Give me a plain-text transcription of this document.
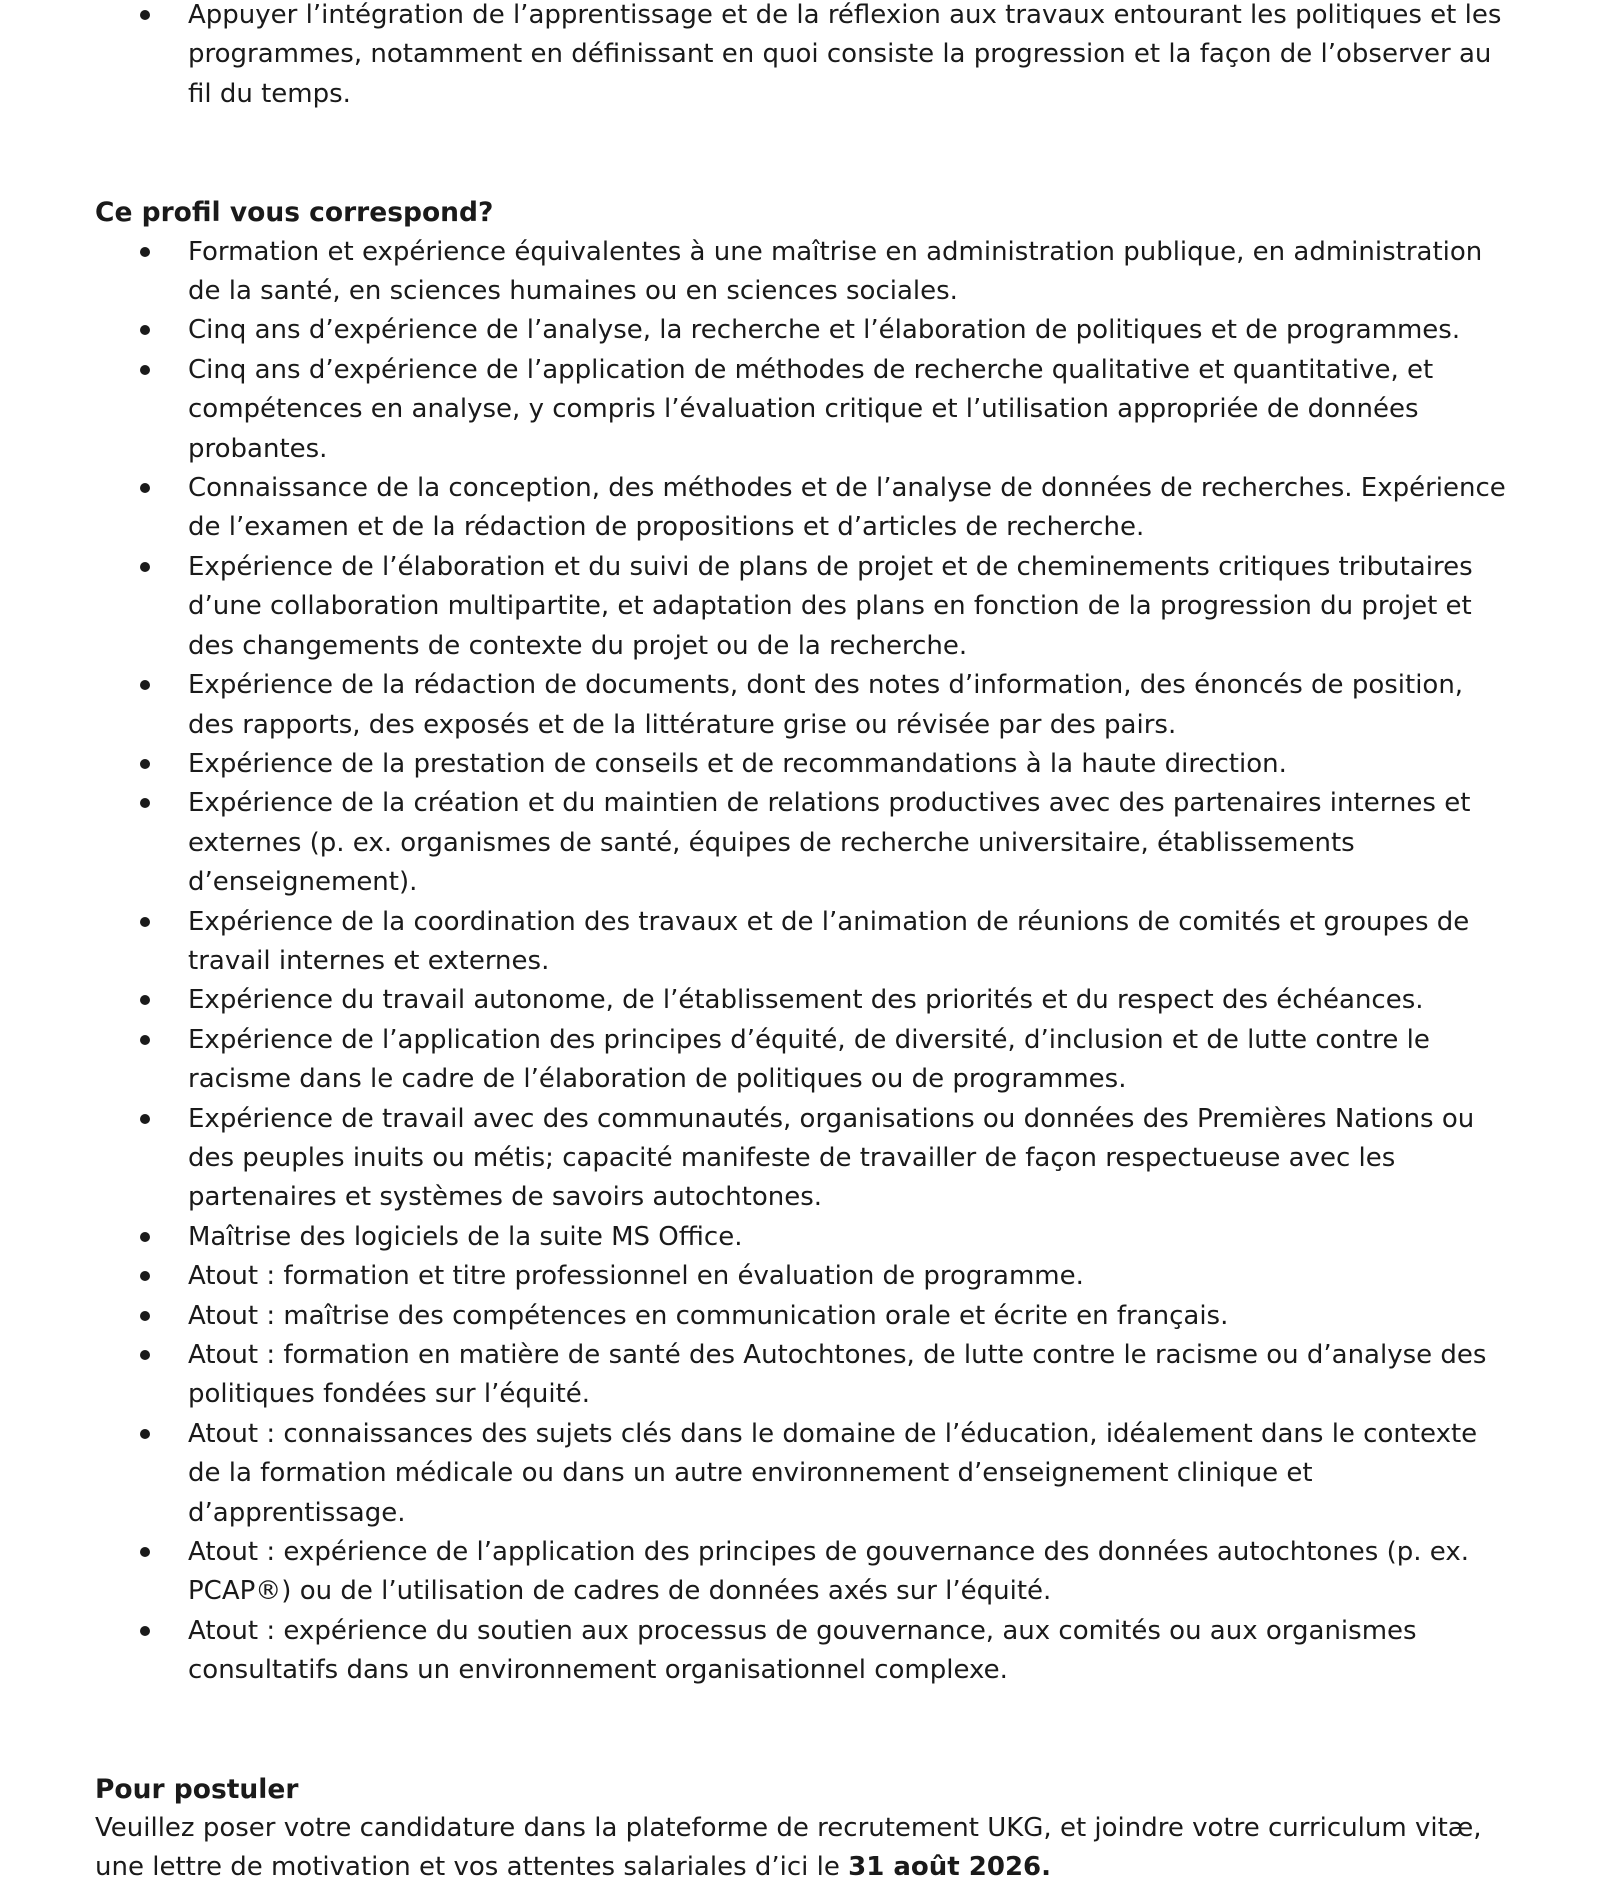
Appuyer l’intégration de l’apprentissage et de la réflexion aux travaux entourant les politiques et les programmes, notamment en définissant en quoi consiste la progression et la façon de l’observer au fil du temps.
Ce profil vous correspond?
Formation et expérience équivalentes à une maîtrise en administration publique, en administration de la santé, en sciences humaines ou en sciences sociales.
Cinq ans d’expérience de l’analyse, la recherche et l’élaboration de politiques et de programmes.
Cinq ans d’expérience de l’application de méthodes de recherche qualitative et quantitative, et compétences en analyse, y compris l’évaluation critique et l’utilisation appropriée de données probantes.
Connaissance de la conception, des méthodes et de l’analyse de données de recherches. Expérience de l’examen et de la rédaction de propositions et d’articles de recherche.
Expérience de l’élaboration et du suivi de plans de projet et de cheminements critiques tributaires d’une collaboration multipartite, et adaptation des plans en fonction de la progression du projet et des changements de contexte du projet ou de la recherche.
Expérience de la rédaction de documents, dont des notes d’information, des énoncés de position, des rapports, des exposés et de la littérature grise ou révisée par des pairs.
Expérience de la prestation de conseils et de recommandations à la haute direction.
Expérience de la création et du maintien de relations productives avec des partenaires internes et externes (p. ex. organismes de santé, équipes de recherche universitaire, établissements d’enseignement).
Expérience de la coordination des travaux et de l’animation de réunions de comités et groupes de travail internes et externes.
Expérience du travail autonome, de l’établissement des priorités et du respect des échéances.
Expérience de l’application des principes d’équité, de diversité, d’inclusion et de lutte contre le racisme dans le cadre de l’élaboration de politiques ou de programmes.
Expérience de travail avec des communautés, organisations ou données des Premières Nations ou des peuples inuits ou métis; capacité manifeste de travailler de façon respectueuse avec les partenaires et systèmes de savoirs autochtones.
Maîtrise des logiciels de la suite MS Office.
Atout : formation et titre professionnel en évaluation de programme.
Atout : maîtrise des compétences en communication orale et écrite en français.
Atout : formation en matière de santé des Autochtones, de lutte contre le racisme ou d’analyse des politiques fondées sur l’équité.
Atout : connaissances des sujets clés dans le domaine de l’éducation, idéalement dans le contexte de la formation médicale ou dans un autre environnement d’enseignement clinique et d’apprentissage.
Atout : expérience de l’application des principes de gouvernance des données autochtones (p. ex. PCAP®) ou de l’utilisation de cadres de données axés sur l’équité.
Atout : expérience du soutien aux processus de gouvernance, aux comités ou aux organismes consultatifs dans un environnement organisationnel complexe.
Pour postuler

Veuillez poser votre candidature dans la plateforme de recrutement UKG, et joindre votre curriculum vitæ, une lettre de motivation et vos attentes salariales d’ici le 31 août 2026.
